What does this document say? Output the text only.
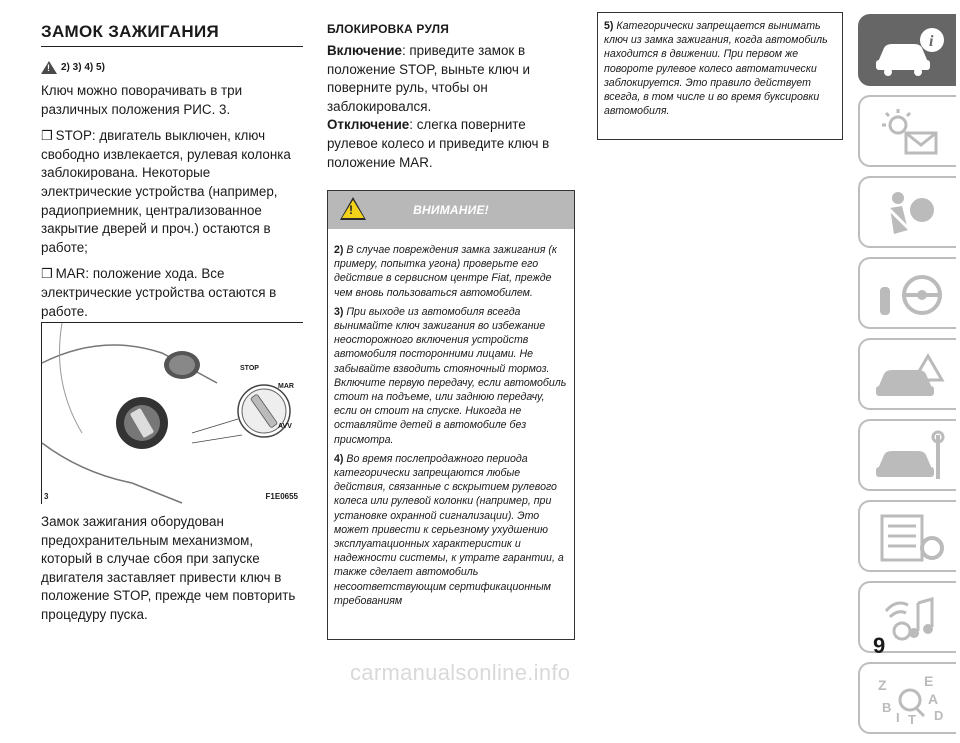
ЗАМОК ЗАЖИГАНИЯ
!
2) 3) 4) 5)

Ключ можно поворачивать в три различных положения РИС. 3.

❒ STOP: двигатель выключен, ключ свободно извлекается, рулевая колонка заблокирована. Некоторые электрические устройства (например, радиоприемник, централизованное закрытие дверей и проч.) остаются в работе;

❒ MAR: положение хода. Все электрические устройства остаются в работе.

STOP
MAR
AVV
3	F1E0655

Замок зажигания оборудован предохранительным механизмом, который в случае сбоя при запуске двигателя заставляет привести ключ в положение STOP, прежде чем повторить процедуру пуска.

БЛОКИРОВКА РУЛЯ

Включение: приведите замок в положение STOP, выньте ключ и поверните руль, чтобы он заблокировался.

Отключение: слегка поверните рулевое колесо и приведите ключ в положение MAR.

!	ВНИМАНИЕ!

2) В случае повреждения замка зажигания (к примеру, попытка угона) проверьте его действие в сервисном центре Fiat, прежде чем вновь пользоваться автомобилем.

3) При выходе из автомобиля всегда вынимайте ключ зажигания во избежание неосторожного включения устройств автомобиля посторонними лицами. Не забывайте взводить стояночный тормоз. Включите первую передачу, если автомобиль стоит на подъеме, или заднюю передачу, если он стоит на спуске. Никогда не оставляйте детей в автомобиле без присмотра.

4) Во время послепродажного периода категорически запрещаются любые действия, связанные с вскрытием рулевого колеса или рулевой колонки (например, при установке охранной сигнализации). Это может привести к серьезному ухудшению эксплуатационных характеристик и надежности системы, к утрате гарантии, а также сделает автомобиль несоответствующим сертификационным требованиям

5) Категорически запрещается вынимать ключ из замка зажигания, когда автомобиль находится в движении. При первом же повороте рулевое колесо автоматически заблокируется. Это правило действует всегда, в том числе и во время буксировки автомобиля.

i
Z	E
B
A
I T D
9
carmanualsonline.info
